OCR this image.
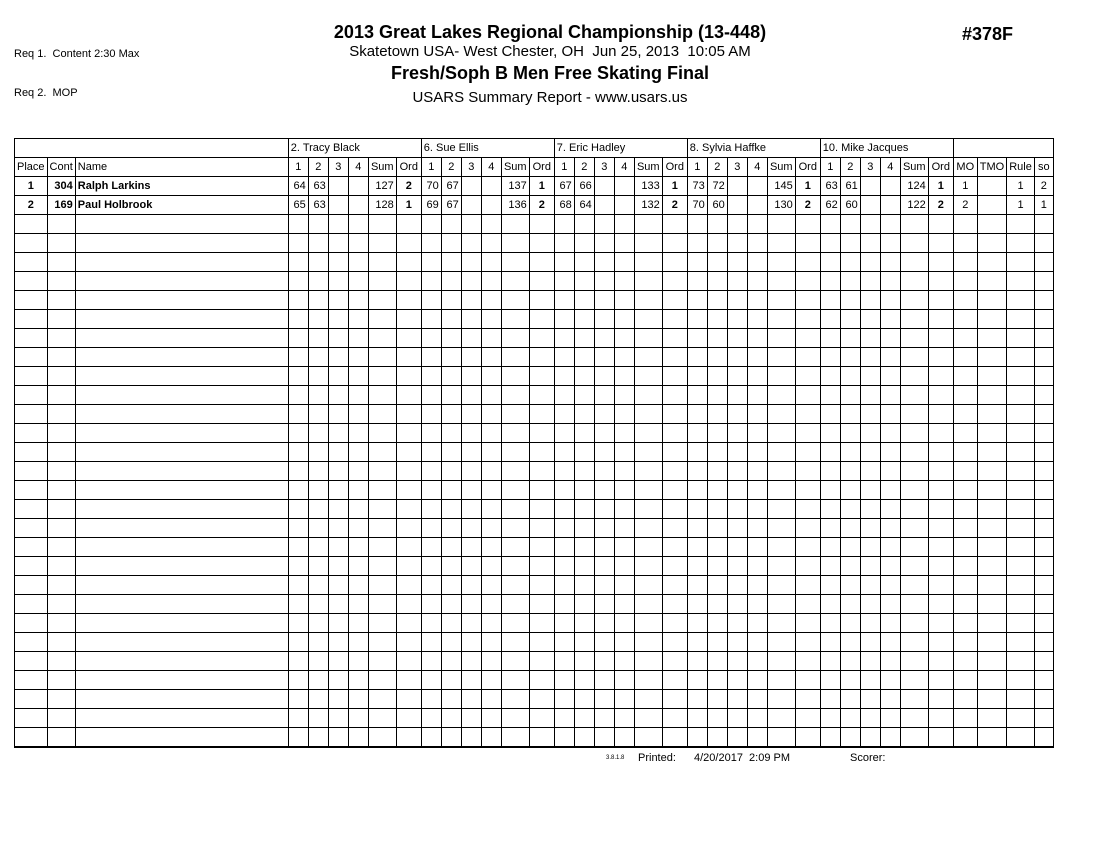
Req 1.  Content 2:30 Max

Req 2.  MOP

2013 Great Lakes Regional Championship (13-448)
Skatetown USA- West Chester, OH  Jun 25, 2013  10:05 AM
Fresh/Soph B Men Free Skating Final
USARS Summary Report - www.usars.us
#378F
			2. Tracy Black						6. Sue Ellis						7. Eric Hadley						8. Sylvia Haffke						10. Mike Jacques									
Place	Cont	Name	1	2	3	4	Sum	Ord	1	2	3	4	Sum	Ord	1	2	3	4	Sum	Ord	1	2	3	4	Sum	Ord	1	2	3	4	Sum	Ord	MO	TMO	Rule	so
1	304	Ralph Larkins	64	63			127	2	70	67			137	1	67	66			133	1	73	72			145	1	63	61			124	1	1		1	2
2	169	Paul Holbrook	65	63			128	1	69	67			136	2	68	64			132	2	70	60			130	2	62	60			122	2	2		1	1

3.8.1.8 Printed: 4/20/2017  2:09 PM	Scorer:
